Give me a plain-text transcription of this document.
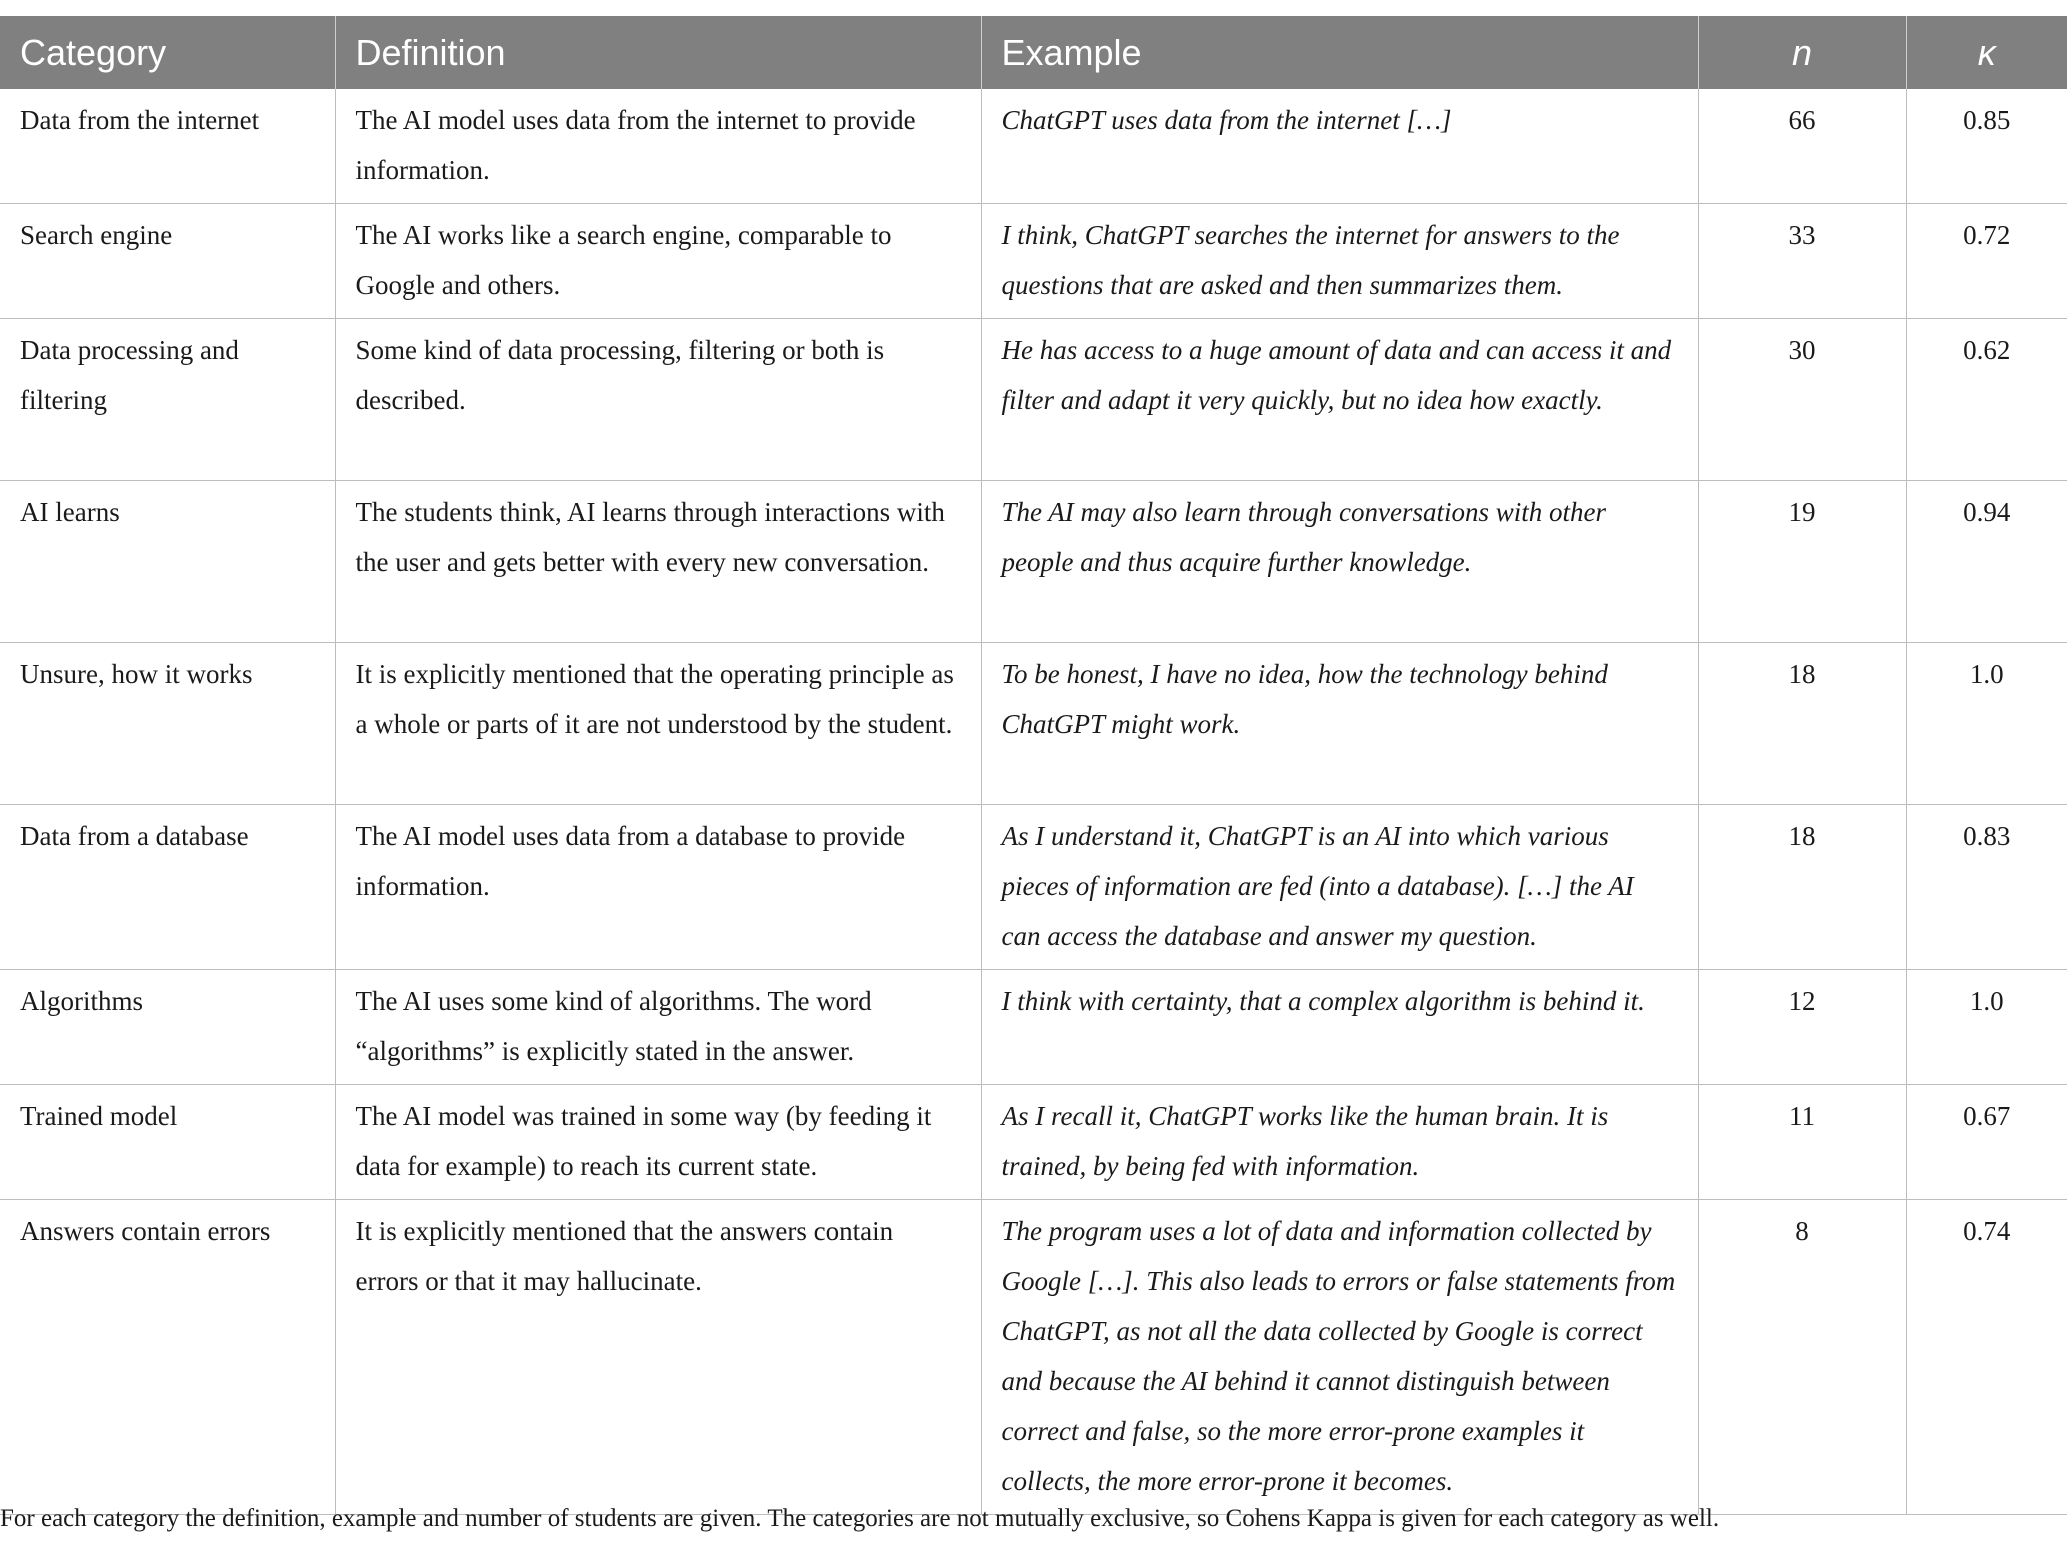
Category	Definition	Example	n	κ
Data from the internet	The AI model uses data from the internet to provide information.	ChatGPT uses data from the internet […]	66	0.85
Search engine	The AI works like a search engine, comparable to Google and others.	I think, ChatGPT searches the internet for answers to the questions that are asked and then summarizes them.	33	0.72
Data processing and filtering	Some kind of data processing, filtering or both is described.	He has access to a huge amount of data and can access it and filter and adapt it very quickly, but no idea how exactly.	30	0.62
AI learns	The students think, AI learns through interactions with the user and gets better with every new conversation.	The AI may also learn through conversations with other people and thus acquire further knowledge.	19	0.94
Unsure, how it works	It is explicitly mentioned that the operating principle as a whole or parts of it are not understood by the student.	To be honest, I have no idea, how the technology behind ChatGPT might work.	18	1.0
Data from a database	The AI model uses data from a database to provide information.	As I understand it, ChatGPT is an AI into which various pieces of information are fed (into a database). […] the AI can access the database and answer my question.	18	0.83
Algorithms	The AI uses some kind of algorithms. The word “algorithms” is explicitly stated in the answer.	I think with certainty, that a complex algorithm is behind it.	12	1.0
Trained model	The AI model was trained in some way (by feeding it data for example) to reach its current state.	As I recall it, ChatGPT works like the human brain. It is trained, by being fed with information.	11	0.67
Answers contain errors	It is explicitly mentioned that the answers contain errors or that it may hallucinate.	The program uses a lot of data and information collected by Google […]. This also leads to errors or false statements from ChatGPT, as not all the data collected by Google is correct and because the AI behind it cannot distinguish between correct and false, so the more error-prone examples it collects, the more error-prone it becomes.	8	0.74
For each category the definition, example and number of students are given. The categories are not mutually exclusive, so Cohens Kappa is given for each category as well.
